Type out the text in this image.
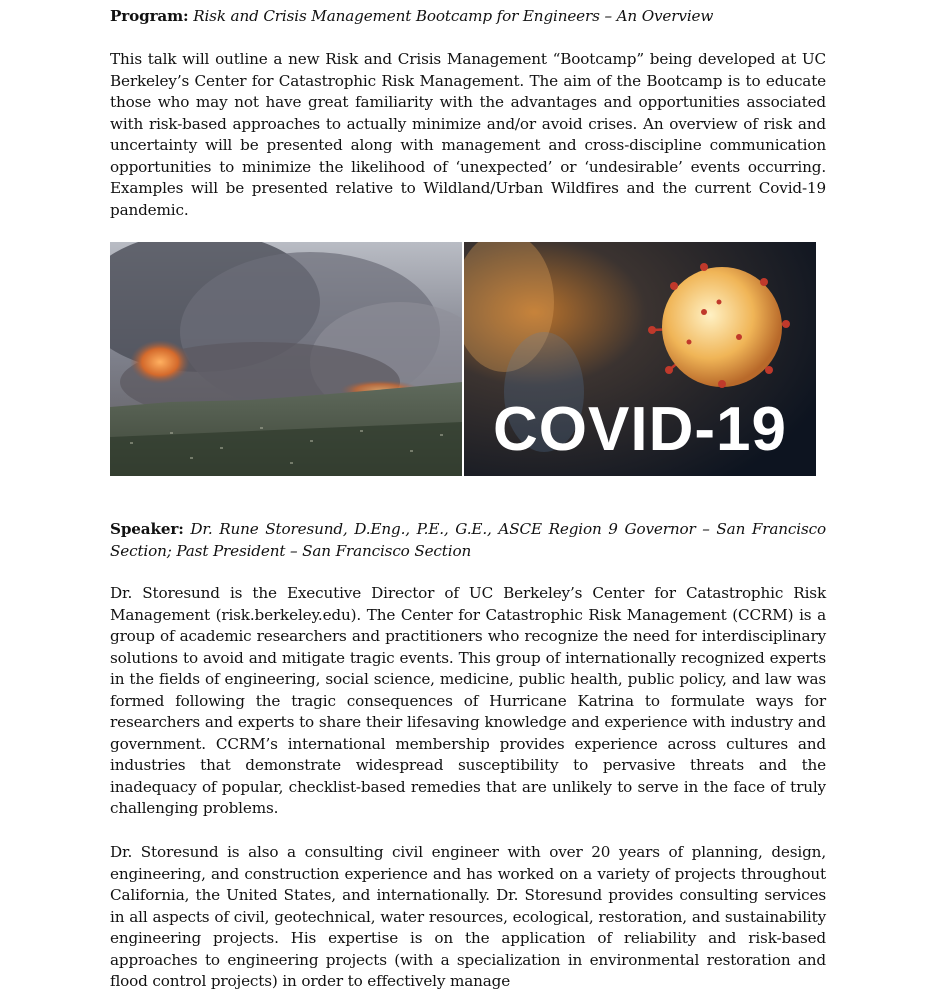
Program: Risk and Crisis Management Bootcamp for Engineers – An Overview

This talk will outline a new Risk and Crisis Management “Bootcamp” being developed at UC Berkeley’s Center for Catastrophic Risk Management. The aim of the Bootcamp is to educate those who may not have great familiarity with the advantages and opportunities associated with risk-based approaches to actually minimize and/or avoid crises. An overview of risk and uncertainty will be presented along with management and cross-discipline communication opportunities to minimize the likelihood of ‘unexpected’ or ‘undesirable’ events occurring. Examples will be presented relative to Wildland/Urban Wildfires and the current Covid-19 pandemic.

COVID-19

Speaker: Dr. Rune Storesund, D.Eng., P.E., G.E., ASCE Region 9 Governor – San Francisco Section; Past President – San Francisco Section

Dr. Storesund is the Executive Director of UC Berkeley’s Center for Catastrophic Risk Management (risk.berkeley.edu). The Center for Catastrophic Risk Management (CCRM) is a group of academic researchers and practitioners who recognize the need for interdisciplinary solutions to avoid and mitigate tragic events. This group of internationally recognized experts in the fields of engineering, social science, medicine, public health, public policy, and law was formed following the tragic consequences of Hurricane Katrina to formulate ways for researchers and experts to share their lifesaving knowledge and experience with industry and government. CCRM’s international membership provides experience across cultures and industries that demonstrate widespread susceptibility to pervasive threats and the inadequacy of popular, checklist-based remedies that are unlikely to serve in the face of truly challenging problems.

Dr. Storesund is also a consulting civil engineer with over 20 years of planning, design, engineering, and construction experience and has worked on a variety of projects throughout California, the United States, and internationally. Dr. Storesund provides consulting services in all aspects of civil, geotechnical, water resources, ecological, restoration, and sustainability engineering projects. His expertise is on the application of reliability and risk-based approaches to engineering projects (with a specialization in environmental restoration and flood control projects) in order to effectively manage
